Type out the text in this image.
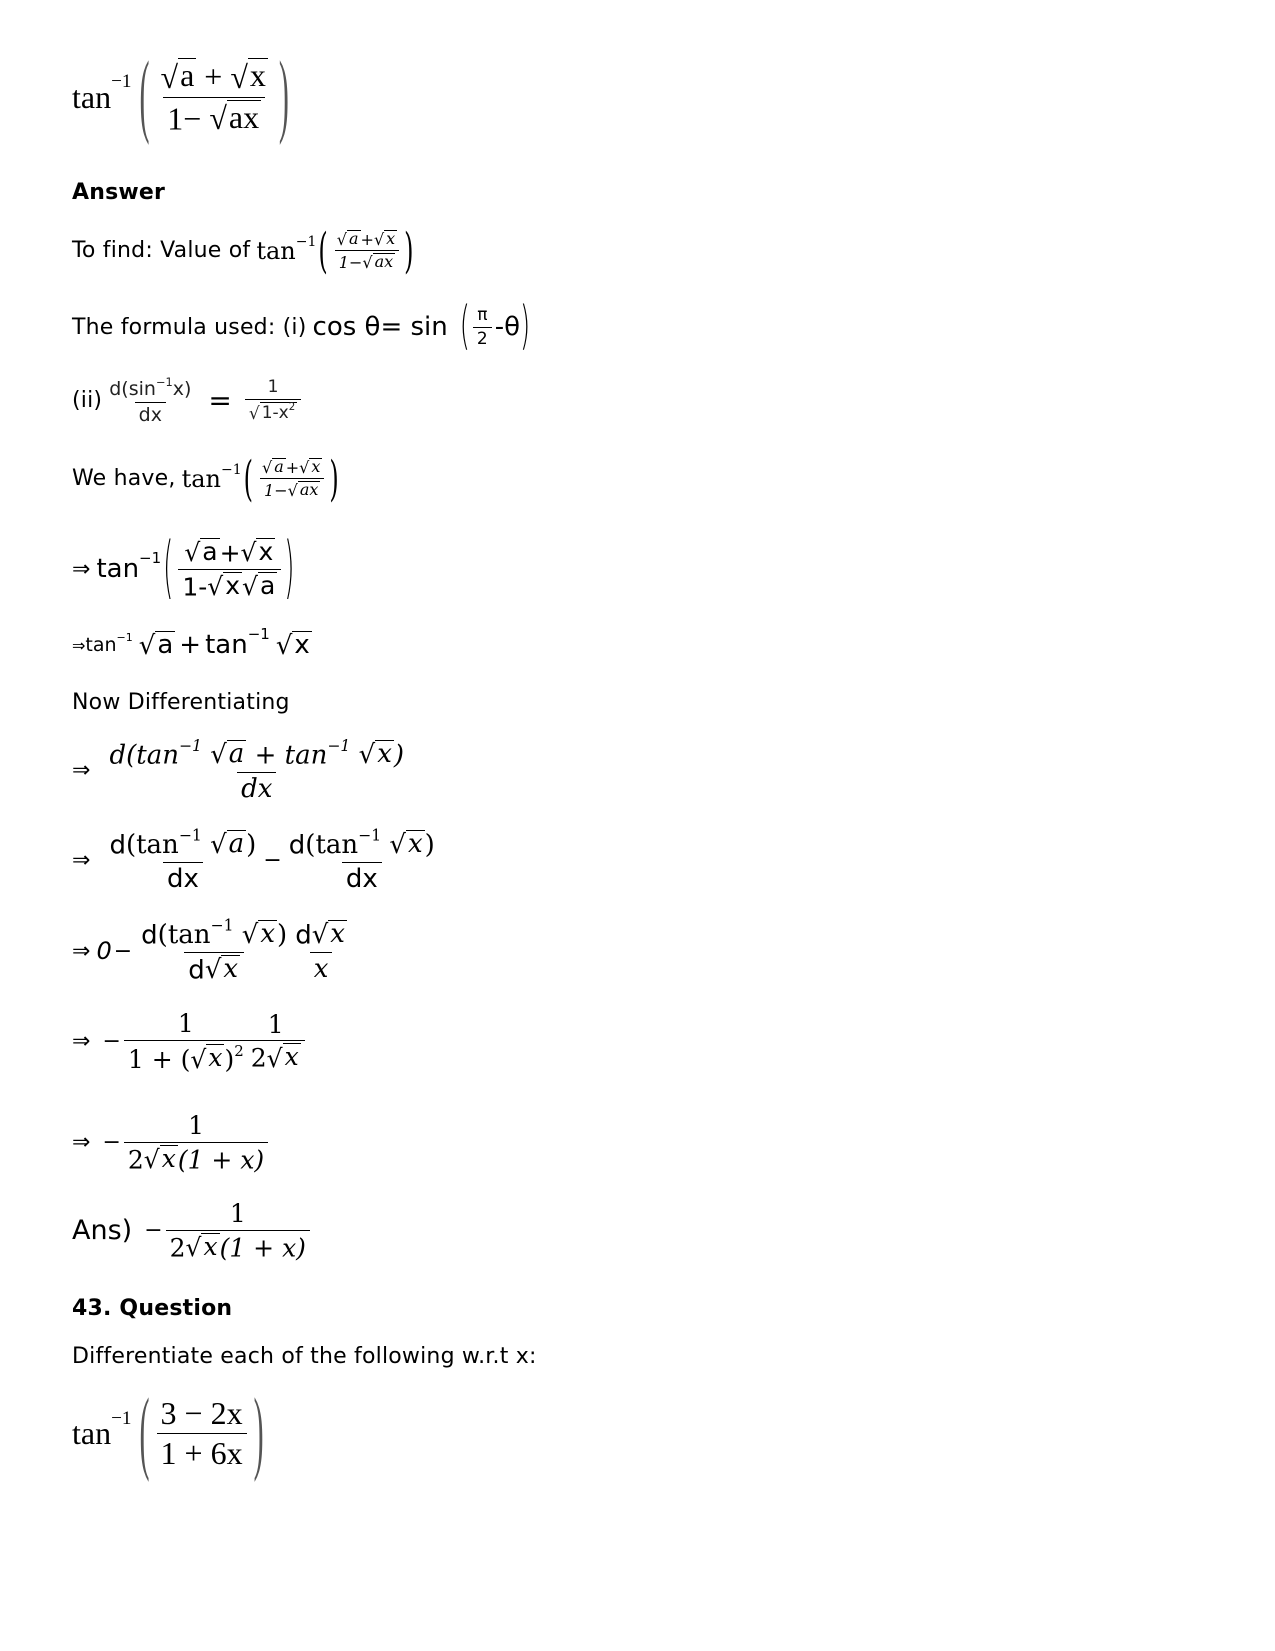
$\tan^{-1}$ ( $\frac{√ a + √ x}{1- √ ax}$ )
Answer
To find: Value of tan −1 ( $\frac{√ a + √ x}{1- √ ax}$ )
The formula used: (i) cos θ= sin ( $\frac{\pi}{2}$ - θ )
$(ii) \frac{d(\sin^{-1}x)}{dx} = \frac{1}{√ 1-x^2}$
We have, tan −1 ( $\frac{√ a + √ x}{1- √ ax}$ )
⇒ tan −1 ( $\frac{√ a + √ x}{1- √ x √ a}$ )
⇒ $\tan^{-1}$ √ a + tan −1 √ x
Now Differentiating
⇒ $\frac{d(\tan^{-1} √ a + \tan^{-1} √ x )}{dx}$
⇒ $\frac{d(\tan^{-1} √ a )}{dx} - \frac{d(\tan^{-1} √ x )}{dx}$
⇒ $0 - \frac{d(\tan^{-1} √ x )}{d √ x} \frac{d √ x}{x}$
⇒ − $\frac{1}{1 + ( √ x )^2} \frac{1}{2 √ x}$
⇒ − $\frac{1}{2 √ x (1 + x)}$
$Ans) - \frac{1}{2 √ x (1 + x)}$
43. Question
Differentiate each of the following w.r.t x:
$\tan^{-1}$ ( $\frac{3 - 2x}{1 + 6x}$ )
